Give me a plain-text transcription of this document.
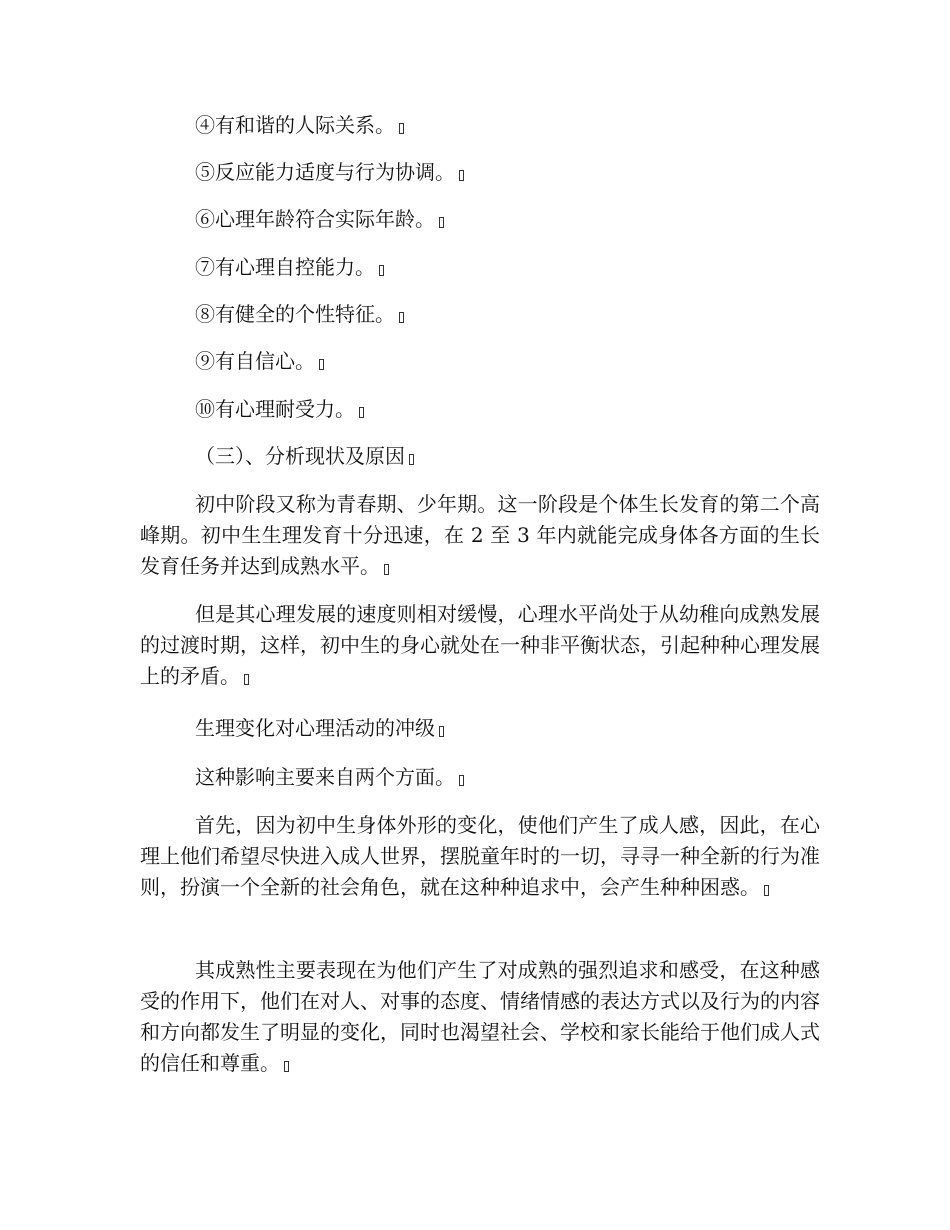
④有和谐的人际关系。
⑤反应能力适度与行为协调。
⑥心理年龄符合实际年龄。
⑦有心理自控能力。
⑧有健全的个性特征。
⑨有自信心。
⑩有心理耐受力。
（三）、分析现状及原因
初中阶段又称为青春期、少年期。这一阶段是个体生长发育的第二个高峰期。初中生生理发育十分迅速，在 2 至 3 年内就能完成身体各方面的生长发育任务并达到成熟水平。
但是其心理发展的速度则相对缓慢，心理水平尚处于从幼稚向成熟发展的过渡时期，这样，初中生的身心就处在一种非平衡状态，引起种种心理发展上的矛盾。
生理变化对心理活动的冲级
这种影响主要来自两个方面。
首先，因为初中生身体外形的变化，使他们产生了成人感，因此，在心理上他们希望尽快进入成人世界，摆脱童年时的一切，寻寻一种全新的行为准则，扮演一个全新的社会角色，就在这种种追求中，会产生种种困惑。
其成熟性主要表现在为他们产生了对成熟的强烈追求和感受，在这种感受的作用下，他们在对人、对事的态度、情绪情感的表达方式以及行为的内容和方向都发生了明显的变化，同时也渴望社会、学校和家长能给于他们成人式的信任和尊重。
